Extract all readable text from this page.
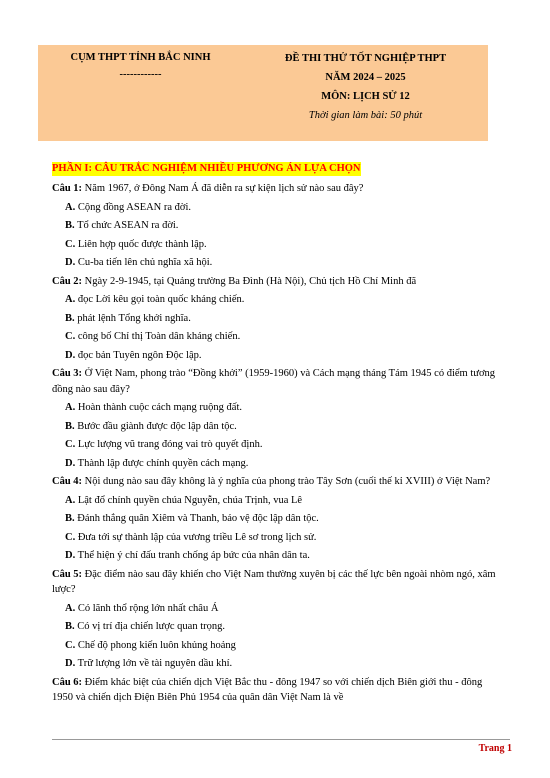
CỤM THPT TỈNH BẮC NINH
------------
ĐỀ THI THỬ TỐT NGHIỆP THPT
NĂM 2024 – 2025
MÔN: LỊCH SỬ 12
Thời gian làm bài: 50 phút
PHẦN I: CÂU TRẮC NGHIỆM NHIỀU PHƯƠNG ÁN LỰA CHỌN
Câu 1: Năm 1967, ở Đông Nam Á đã diễn ra sự kiện lịch sử nào sau đây?
A. Cộng đồng ASEAN ra đời.
B. Tổ chức ASEAN ra đời.
C. Liên hợp quốc được thành lập.
D. Cu-ba tiến lên chủ nghĩa xã hội.
Câu 2: Ngày 2-9-1945, tại Quảng trường Ba Đình (Hà Nội), Chủ tịch Hồ Chí Minh đã
A. đọc Lời kêu gọi toàn quốc kháng chiến.
B. phát lệnh Tổng khởi nghĩa.
C. công bố Chỉ thị Toàn dân kháng chiến.
D. đọc bản Tuyên ngôn Độc lập.
Câu 3: Ở Việt Nam, phong trào “Đồng khởi” (1959-1960) và Cách mạng tháng Tám 1945 có điểm tương đồng nào sau đây?
A. Hoàn thành cuộc cách mạng ruộng đất.
B. Bước đầu giành được độc lập dân tộc.
C. Lực lượng vũ trang đóng vai trò quyết định.
D. Thành lập được chính quyền cách mạng.
Câu 4: Nội dung nào sau đây không là ý nghĩa của phong trào Tây Sơn (cuối thế kỉ XVIII) ở Việt Nam?
A. Lật đổ chính quyền chúa Nguyễn, chúa Trịnh, vua Lê
B. Đánh thắng quân Xiêm và Thanh, bảo vệ độc lập dân tộc.
C. Đưa tới sự thành lập của vương triều Lê sơ trong lịch sử.
D. Thể hiện ý chí đấu tranh chống áp bức của nhân dân ta.
Câu 5: Đặc điểm nào sau đây khiến cho Việt Nam thường xuyên bị các thế lực bên ngoài nhòm ngó, xâm lược?
A. Có lãnh thổ rộng lớn nhất châu Á
B. Có vị trí địa chiến lược quan trọng.
C. Chế độ phong kiến luôn khủng hoảng
D. Trữ lượng lớn về tài nguyên dầu khí.
Câu 6: Điểm khác biệt của chiến dịch Việt Bắc thu - đông 1947 so với chiến dịch Biên giới thu - đông 1950 và chiến dịch Điện Biên Phủ 1954 của quân dân Việt Nam là về
Trang 1
